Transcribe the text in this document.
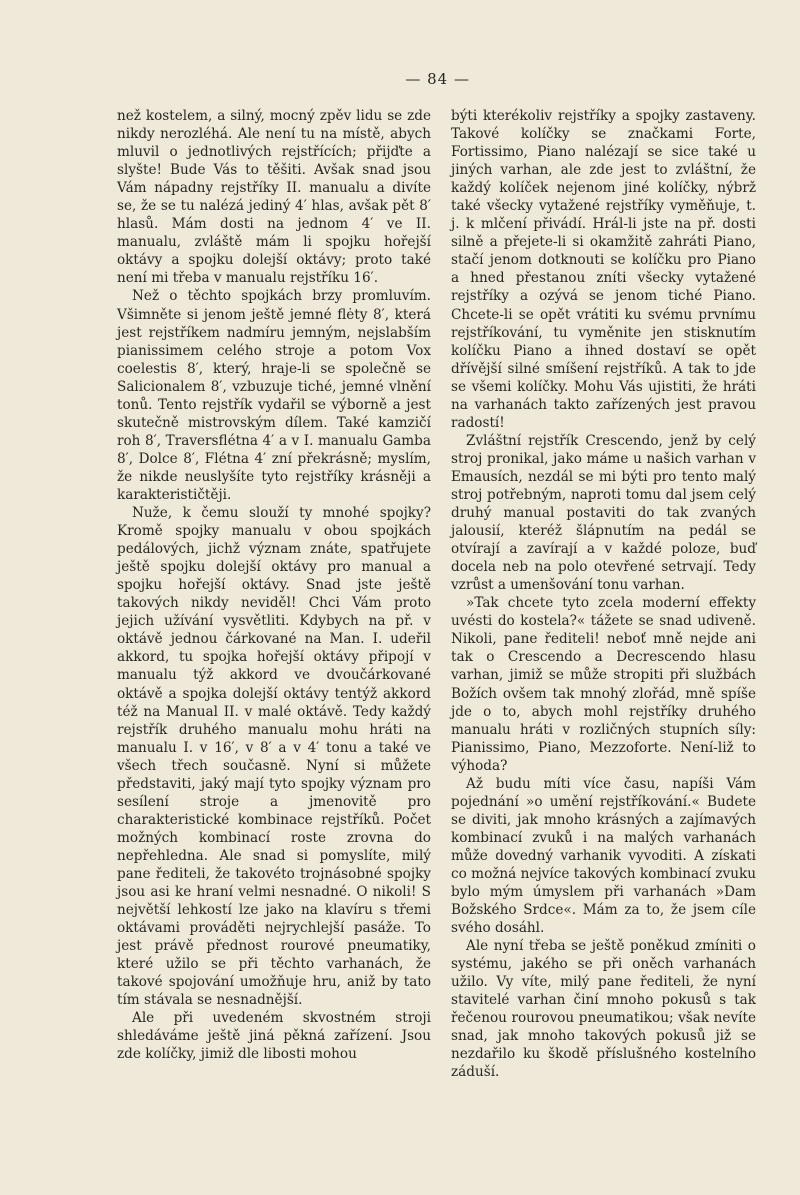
— 84 —

než kostelem, a silný, mocný zpěv lidu se zde nikdy nerozléhá. Ale není tu na místě, abych mluvil o jednotlivých rejstřících; přijďte a slyšte! Bude Vás to těšiti. Avšak snad jsou Vám nápadny rejstříky II. manualu a divíte se, že se tu nalézá jediný 4′ hlas, avšak pět 8′ hlasů. Mám dosti na jednom 4′ ve II. manualu, zvláště mám li spojku hořejší oktávy a spojku dolejší oktávy; proto také není mi třeba v manualu rejstříku 16′.

Než o těchto spojkách brzy promluvím. Všimněte si jenom ještě jemné flėty 8′, která jest rejstříkem nadmíru jemným, nejslabším pianissimem celého stroje a potom Vox coelestis 8′, který, hraje-li se společně se Salicionalem 8′, vzbuzuje tiché, jemné vlnění tonů. Tento rejstřík vydařil se výborně a jest skutečně mistrovským dílem. Také kamzičí roh 8′, Traversflétna 4′ a v I. manualu Gamba 8′, Dolce 8′, Flétna 4′ zní překrásně; myslím, že nikde neuslyšíte tyto rejstříky krásněji a karakterističtěji.

Nuže, k čemu slouží ty mnohé spojky? Kromě spojky manualu v obou spojkách pedálových, jichž význam znáte, spatřujete ještě spojku dolejší oktávy pro manual a spojku hořejší oktávy. Snad jste ještě takových nikdy neviděl! Chci Vám proto jejich užívání vysvětliti. Kdybych na př. v oktávě jednou čárkované na Man. I. udeřil akkord, tu spojka hořejší oktávy připojí v manualu týž akkord ve dvoučárkované oktávě a spojka dolejší oktávy tentýž akkord též na Manual II. v malé oktávě. Tedy každý rejstřík druhého manualu mohu hráti na manualu I. v 16′, v 8′ a v 4′ tonu a také ve všech třech současně. Nyní si můžete představiti, jaký mají tyto spojky význam pro sesílení stroje a jmenovitě pro charakteristické kombinace rejstříků. Počet možných kombinací roste zrovna do nepřehledna. Ale snad si pomyslíte, milý pane řediteli, že takovéto trojnásobné spojky jsou asi ke hraní velmi nesnadné. O nikoli! S největší lehkostí lze jako na klavíru s třemi oktávami prováděti nejrychlejší pasáže. To jest právě přednost rourové pneumatiky, které užilo se při těchto varhanách, že takové spojování umožňuje hru, aniž by tato tím stávala se nesnadnější.

Ale při uvedeném skvostném stroji shledáváme ještě jiná pěkná zařízení. Jsou zde kolíčky, jimiž dle libosti mohou

býti kterékoliv rejstříky a spojky zastaveny. Takové kolíčky se značkami Forte, Fortissimo, Piano nalézají se sice také u jiných varhan, ale zde jest to zvláštní, že každý kolíček nejenom jiné kolíčky, nýbrž také všecky vytažené rejstříky vyměňuje, t. j. k mlčení přivádí. Hrál-li jste na př. dosti silně a přejete-li si okamžitě zahráti Piano, stačí jenom dotknouti se kolíčku pro Piano a hned přestanou zníti všecky vytažené rejstříky a ozývá se jenom tiché Piano. Chcete-li se opět vrátiti ku svému prvnímu rejstříkování, tu vyměnite jen stisknutím kolíčku Piano a ihned dostaví se opět dřívější silné smíšení rejstříků. A tak to jde se všemi kolíčky. Mohu Vás ujistiti, že hráti na varhanách takto zařízených jest pravou radostí!

Zvláštní rejstřík Crescendo, jenž by celý stroj pronikal, jako máme u našich varhan v Emausích, nezdál se mi býti pro tento malý stroj potřebným, naproti tomu dal jsem celý druhý manual postaviti do tak zvaných jalousií, kteréž šlápnutím na pedál se otvírají a zavírají a v každé poloze, buď docela neb na polo otevřené setrvají. Tedy vzrůst a umenšování tonu varhan.

»Tak chcete tyto zcela moderní effekty uvésti do kostela?« tážete se snad udiveně. Nikoli, pane řediteli! neboť mně nejde ani tak o Crescendo a Decrescendo hlasu varhan, jimiž se může stropiti při službách Božích ovšem tak mnohý zlořád, mně spíše jde o to, abych mohl rejstříky druhého manualu hráti v rozličných stupních síly: Pianissimo, Piano, Mezzoforte. Není-liž to výhoda?

Až budu míti více času, napíši Vám pojednání »o umění rejstříkování.« Budete se diviti, jak mnoho krásných a zajímavých kombinací zvuků i na malých varhanách může dovedný varhanik vyvoditi. A získati co možná nejvíce takových kombinací zvuku bylo mým úmyslem při varhanách »Dam Božského Srdce«. Mám za to, že jsem cíle svého dosáhl.

Ale nyní třeba se ještě poněkud zmíniti o systému, jakého se při oněch varhanách užilo. Vy víte, milý pane řediteli, že nyní stavitelé varhan činí mnoho pokusů s tak řečenou rourovou pneumatikou; však nevíte snad, jak mnoho takových pokusů již se nezdařilo ku škodě příslušného kostelního záduší.
